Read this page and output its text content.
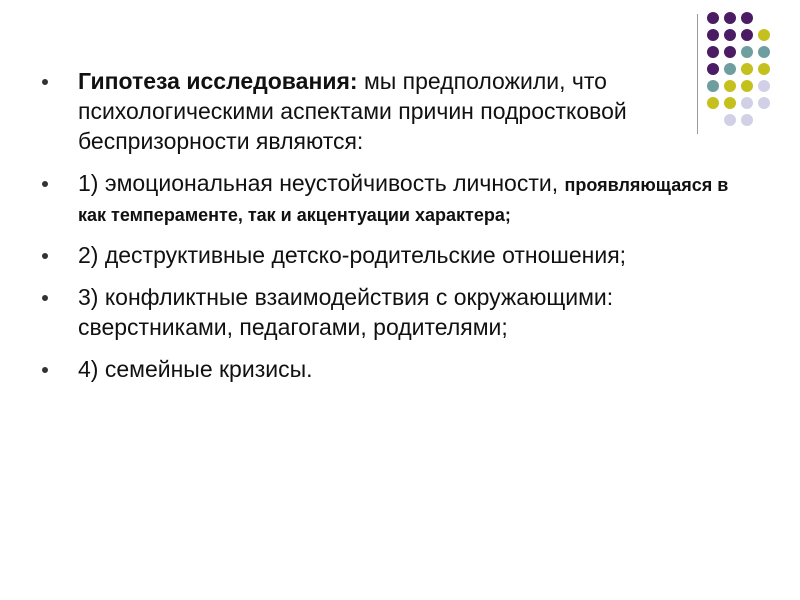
Гипотеза исследования: мы предположили, что психологическими аспектами причин подростковой беспризорности являются:
1) эмоциональная неустойчивость личности, проявляющаяся в как темпераменте, так и акцентуации характера;
2) деструктивные детско-родительские отношения;
3) конфликтные взаимодействия с окружающими: сверстниками, педагогами, родителями;
4) семейные кризисы.
